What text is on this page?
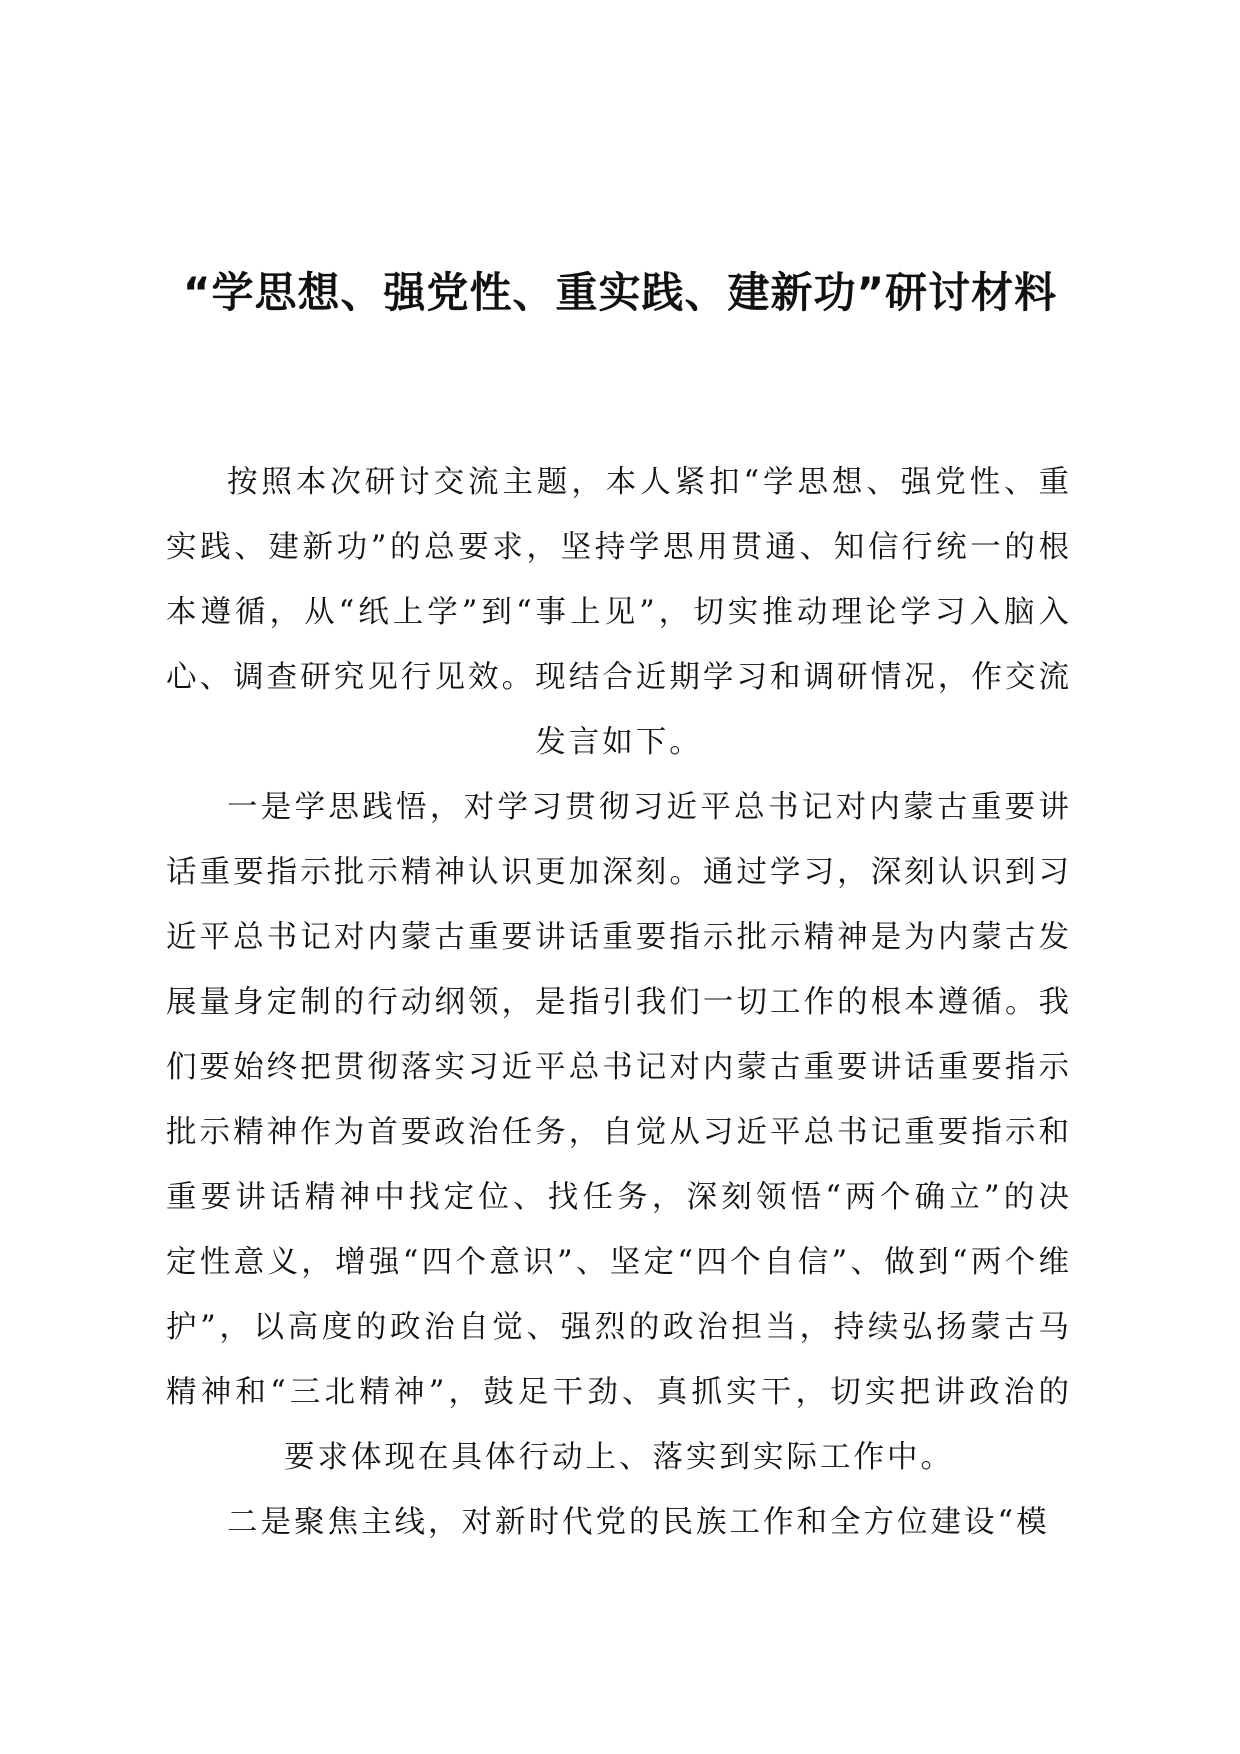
“学思想、强党性、重实践、建新功”研讨材料

按照本次研讨交流主题，本人紧扣“学思想、强党性、重实践、建新功”的总要求，坚持学思用贯通、知信行统一的根本遵循，从“纸上学”到“事上见”，切实推动理论学习入脑入心、调查研究见行见效。现结合近期学习和调研情况，作交流发言如下。

一是学思践悟，对学习贯彻习近平总书记对内蒙古重要讲话重要指示批示精神认识更加深刻。通过学习，深刻认识到习近平总书记对内蒙古重要讲话重要指示批示精神是为内蒙古发展量身定制的行动纲领，是指引我们一切工作的根本遵循。我们要始终把贯彻落实习近平总书记对内蒙古重要讲话重要指示批示精神作为首要政治任务，自觉从习近平总书记重要指示和重要讲话精神中找定位、找任务，深刻领悟“两个确立”的决定性意义，增强“四个意识”、坚定“四个自信”、做到“两个维护”，以高度的政治自觉、强烈的政治担当，持续弘扬蒙古马精神和“三北精神”，鼓足干劲、真抓实干，切实把讲政治的要求体现在具体行动上、落实到实际工作中。

二是聚焦主线，对新时代党的民族工作和全方位建设“模
